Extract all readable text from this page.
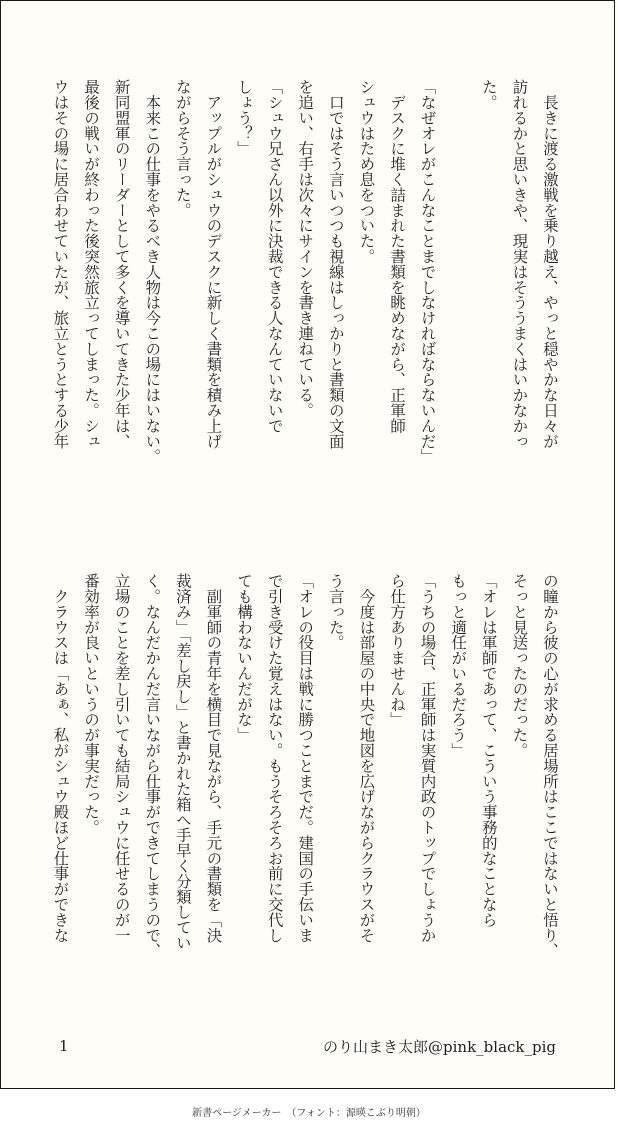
　長きに渡る激戦を乗り越え、やっと穏やかな日々が

訪れるかと思いきや、現実はそううまくはいかなかっ

た。

「なぜオレがこんなことまでしなければならないんだ」

　デスクに堆く詰まれた書類を眺めながら、正軍師

シュウはため息をついた。

　口ではそう言いつつも視線はしっかりと書類の文面

を追い、右手は次々にサインを書き連ねている。

「シュウ兄さん以外に決裁できる人なんていないで

しょう？」

　アップルがシュウのデスクに新しく書類を積み上げ

ながらそう言った。

　本来この仕事をやるべき人物は今この場にはいない。

新同盟軍のリーダーとして多くを導いてきた少年は、

最後の戦いが終わった後突然旅立ってしまった。シュ

ウはその場に居合わせていたが、旅立とうとする少年

の瞳から彼の心が求める居場所はここではないと悟り、

そっと見送ったのだった。

「オレは軍師であって、こういう事務的なことなら

もっと適任がいるだろう」

「うちの場合、正軍師は実質内政のトップでしょうか

ら仕方ありませんね」

　今度は部屋の中央で地図を広げながらクラウスがそ

う言った。

「オレの役目は戦に勝つことまでだ。建国の手伝いま

で引き受けた覚えはない。もうそろそろお前に交代し

ても構わないんだがな」

　副軍師の青年を横目で見ながら、手元の書類を「決

裁済み」「差し戻し」と書かれた箱へ手早く分類してい

く。なんだかんだ言いながら仕事ができてしまうので、

立場のことを差し引いても結局シュウに任せるのが一

番効率が良いというのが事実だった。

　クラウスは「あぁ、私がシュウ殿ほど仕事ができな

1	のり山まき太郎@pink_black_pig
新書ページメーカー　（フォント：源暎こぶり明朝）
